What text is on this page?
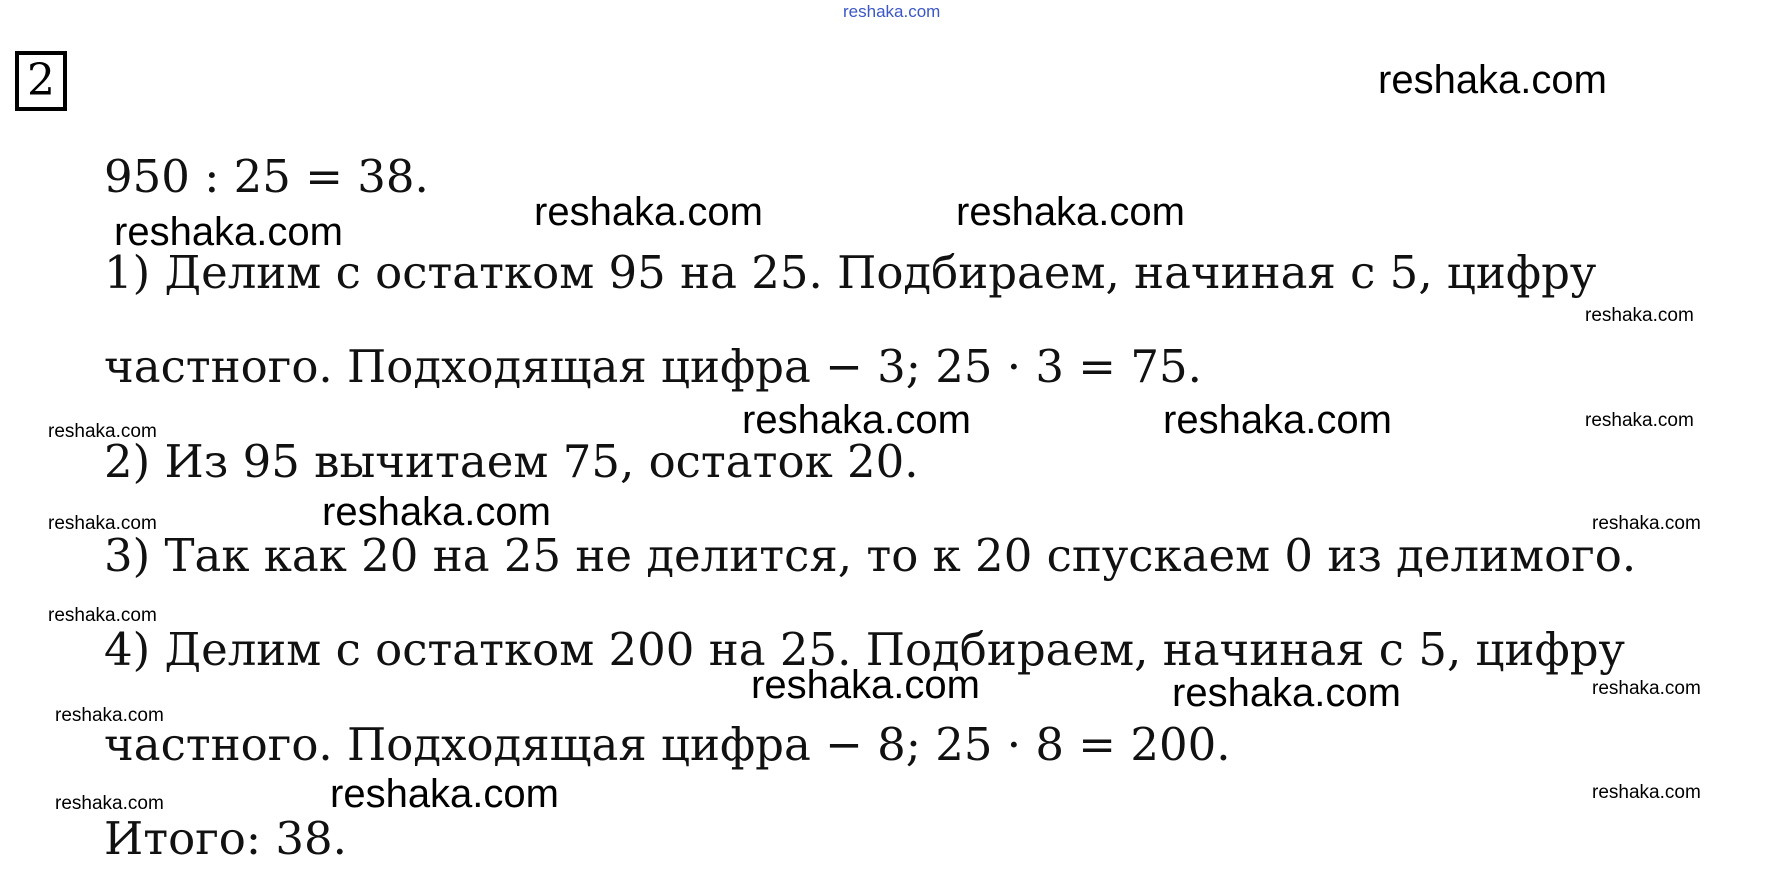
2
950 : 25 = 38.
1) Делим с остатком 95 на 25. Подбираем, начиная с 5, цифру
частного. Подходящая цифра − 3; 25 · 3 = 75.
2) Из 95 вычитаем 75, остаток 20.
3) Так как 20 на 25 не делится, то к 20 спускаем 0 из делимого.
4) Делим с остатком 200 на 25. Подбираем, начиная с 5, цифру
частного. Подходящая цифра − 8; 25 · 8 = 200.
Итого: 38.
reshaka.com
reshaka.com
reshaka.com	reshaka.com
reshaka.com
reshaka.com
reshaka.com	reshaka.com	reshaka.com
reshaka.com
reshaka.com
reshaka.com	reshaka.com
reshaka.com
reshaka.com	reshaka.com
reshaka.com
reshaka.com
reshaka.com
reshaka.com
reshaka.com
